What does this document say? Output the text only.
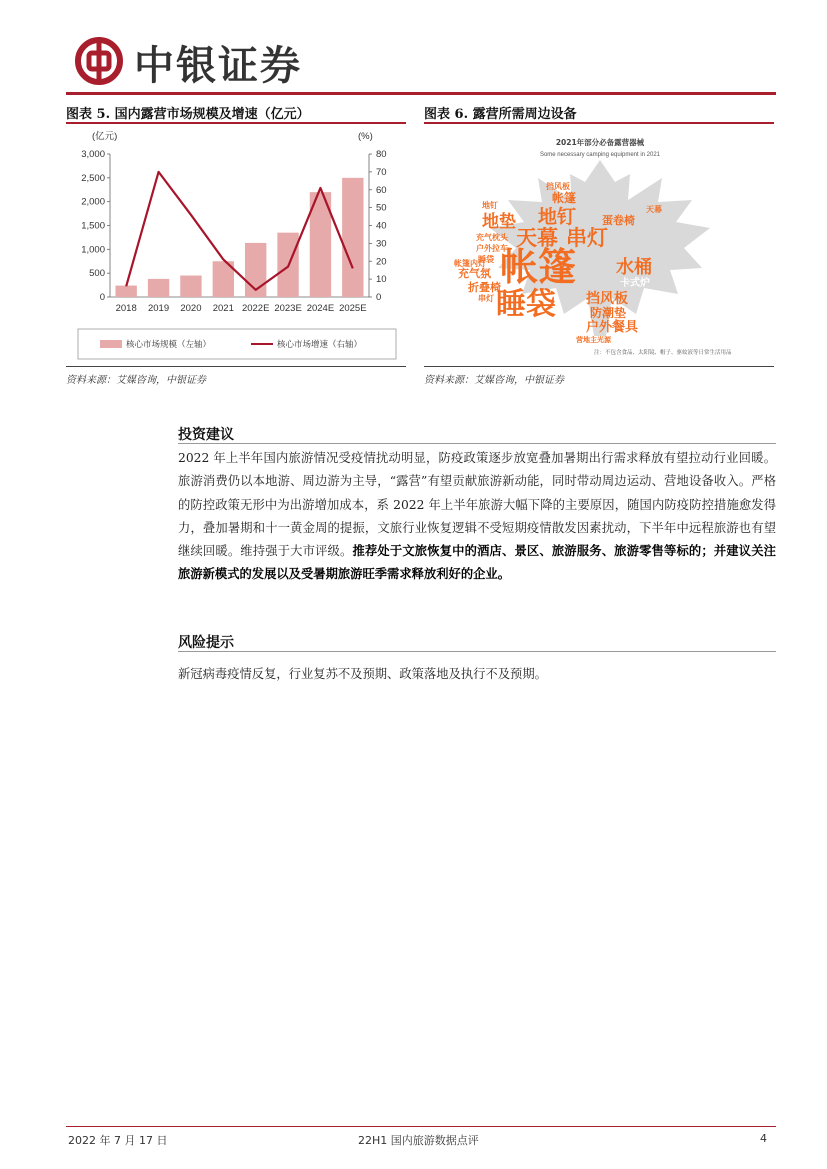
中银证券
图表 5. 国内露营市场规模及增速（亿元）
3,000
2,500
2,000
1,500
1,000
500
0
80
70
60
50
40
30
20
10
0
2018 2019 2020 2021 2022E 2023E 2024E 2025E
(亿元)	(%)
核心市场规模（左轴）	核心市场增速（右轴）
资料来源：艾媒咨询，中银证券
图表 6. 露营所需周边设备
2021年部分必备露营器械
Some necessary camping equipment in 2021
帐篷
睡袋
天幕 串灯
地垫 地钉
水桶
帐篷
挡风板
防潮垫
户外餐具
蛋卷椅
卡式炉
充气氛
折叠椅
挡风板
天幕
地钉
充气枕头
户外拉车
睡袋
帐篷内灯
串灯
营地主光源
注：不包含食品、太阳镜、帽子、驱蚊液等日常生活用品
资料来源：艾媒咨询，中银证券
投资建议
2022 年上半年国内旅游情况受疫情扰动明显，防疫政策逐步放宽叠加暑期出行需求释放有望拉动行业回暖。旅游消费仍以本地游、周边游为主导，“露营”有望贡献旅游新动能，同时带动周边运动、营地设备收入。严格的防控政策无形中为出游增加成本，系 2022 年上半年旅游大幅下降的主要原因，随国内防疫防控措施愈发得力，叠加暑期和十一黄金周的提振，文旅行业恢复逻辑不受短期疫情散发因素扰动，下半年中远程旅游也有望继续回暖。维持强于大市评级。推荐处于文旅恢复中的酒店、景区、旅游服务、旅游零售等标的；并建议关注旅游新模式的发展以及受暑期旅游旺季需求释放利好的企业。
风险提示
新冠病毒疫情反复，行业复苏不及预期、政策落地及执行不及预期。
2022 年 7 月 17 日	22H1 国内旅游数据点评	4
